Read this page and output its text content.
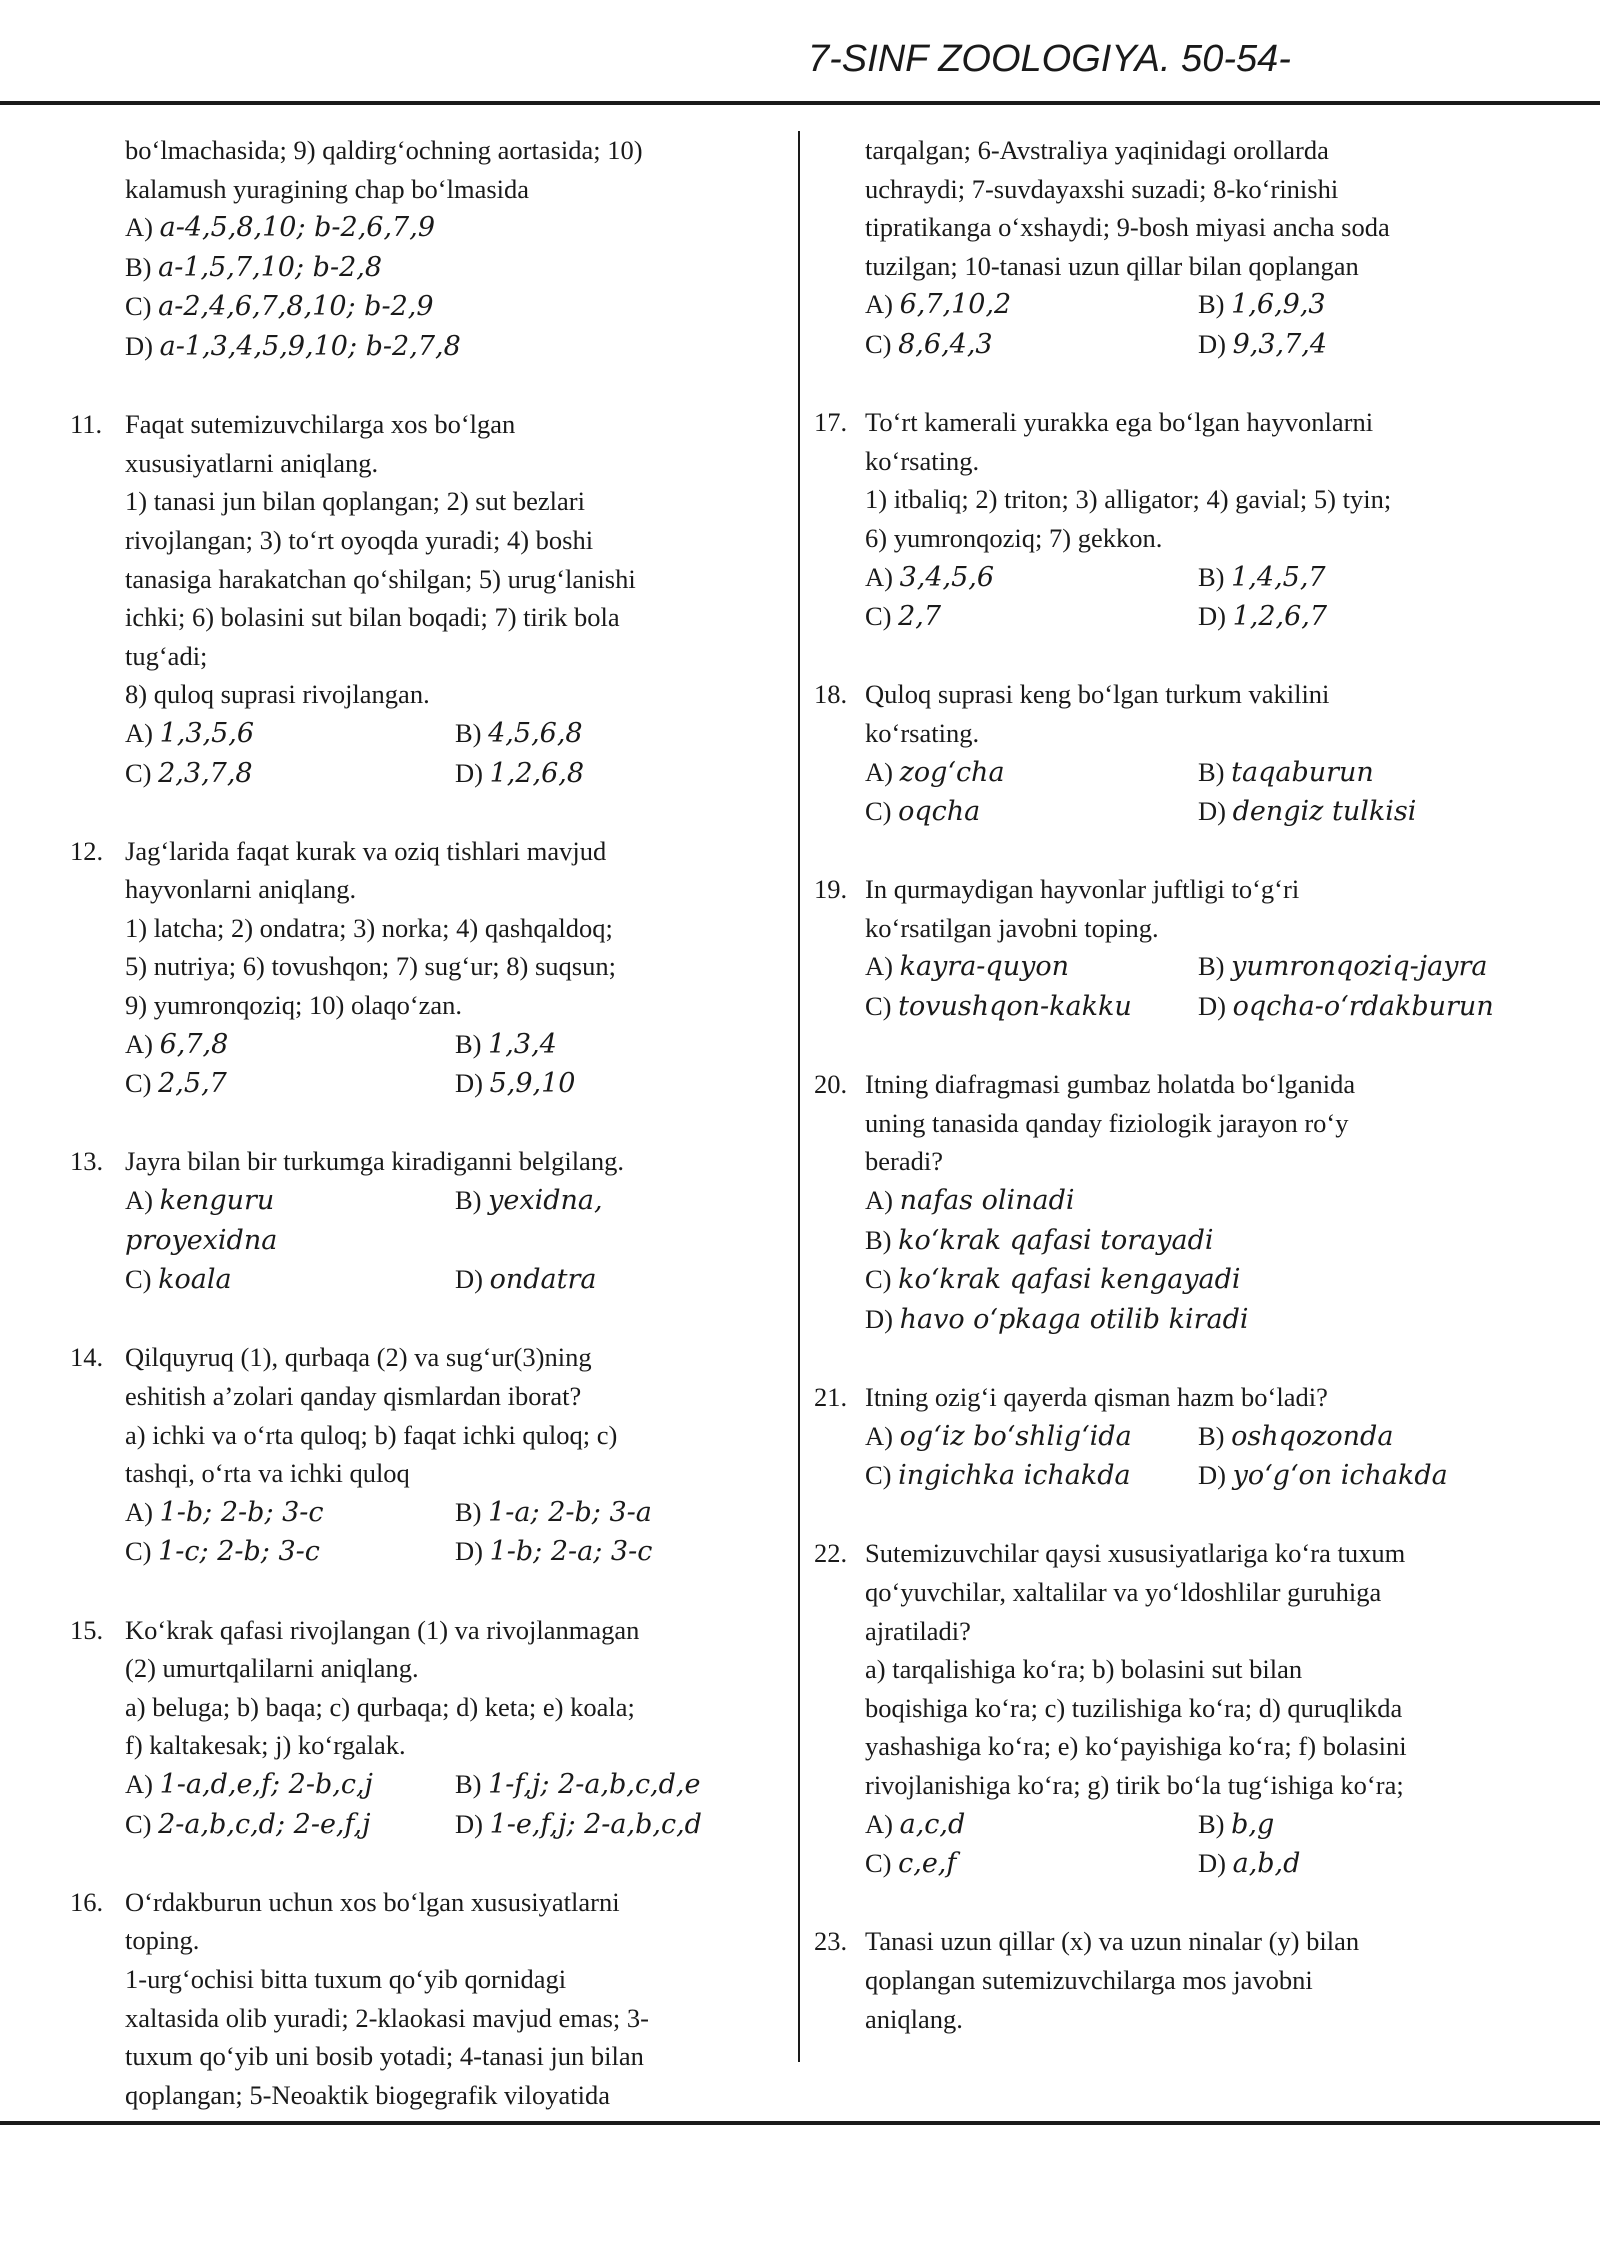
7-SINF ZOOLOGIYA. 50-54-
bo‘lmachasida; 9) qaldirg‘ochning aortasida; 10)
kalamush yuragining chap bo‘lmasida
A) a-4,5,8,10; b-2,6,7,9
B) a-1,5,7,10; b-2,8
C) a-2,4,6,7,8,10; b-2,9
D) a-1,3,4,5,9,10; b-2,7,8
11. Faqat sutemizuvchilarga xos bo‘lgan
xususiyatlarni aniqlang.
1) tanasi jun bilan qoplangan; 2) sut bezlari
rivojlangan; 3) to‘rt oyoqda yuradi; 4) boshi
tanasiga harakatchan qo‘shilgan; 5) urug‘lanishi
ichki; 6) bolasini sut bilan boqadi; 7) tirik bola
tug‘adi;
8) quloq suprasi rivojlangan.
A) 1,3,5,6	B) 4,5,6,8
C) 2,3,7,8	D) 1,2,6,8
12. Jag‘larida faqat kurak va oziq tishlari mavjud
hayvonlarni aniqlang.
1) latcha; 2) ondatra; 3) norka; 4) qashqaldoq;
5) nutriya; 6) tovushqon; 7) sug‘ur; 8) suqsun;
9) yumronqoziq; 10) olaqo‘zan.
A) 6,7,8	B) 1,3,4
C) 2,5,7	D) 5,9,10
13. Jayra bilan bir turkumga kiradiganni belgilang.
A) kenguru	B) yexidna,
proyexidna
C) koala	D) ondatra
14. Qilquyruq (1), qurbaqa (2) va sug‘ur(3)ning
eshitish a’zolari qanday qismlardan iborat?
a) ichki va o‘rta quloq; b) faqat ichki quloq; c)
tashqi, o‘rta va ichki quloq
A) 1-b; 2-b; 3-c	B) 1-a; 2-b; 3-a
C) 1-c; 2-b; 3-c	D) 1-b; 2-a; 3-c
15. Ko‘krak qafasi rivojlangan (1) va rivojlanmagan
(2) umurtqalilarni aniqlang.
a) beluga; b) baqa; c) qurbaqa; d) keta; e) koala;
f) kaltakesak; j) ko‘rgalak.
A) 1-a,d,e,f; 2-b,c,j	B) 1-f,j; 2-a,b,c,d,e
C) 2-a,b,c,d; 2-e,f,j	D) 1-e,f,j; 2-a,b,c,d
16. O‘rdakburun uchun xos bo‘lgan xususiyatlarni
toping.
1-urg‘ochisi bitta tuxum qo‘yib qornidagi
xaltasida olib yuradi; 2-klaokasi mavjud emas; 3-
tuxum qo‘yib uni bosib yotadi; 4-tanasi jun bilan
qoplangan; 5-Neoaktik biogegrafik viloyatida
tarqalgan; 6-Avstraliya yaqinidagi orollarda
uchraydi; 7-suvdayaxshi suzadi; 8-ko‘rinishi
tipratikanga o‘xshaydi; 9-bosh miyasi ancha soda
tuzilgan; 10-tanasi uzun qillar bilan qoplangan
A) 6,7,10,2	B) 1,6,9,3
C) 8,6,4,3	D) 9,3,7,4
17. To‘rt kamerali yurakka ega bo‘lgan hayvonlarni
ko‘rsating.
1) itbaliq; 2) triton; 3) alligator; 4) gavial; 5) tyin;
6) yumronqoziq; 7) gekkon.
A) 3,4,5,6	B) 1,4,5,7
C) 2,7	D) 1,2,6,7
18. Quloq suprasi keng bo‘lgan turkum vakilini
ko‘rsating.
A) zog‘cha	B) taqaburun
C) oqcha	D) dengiz tulkisi
19. In qurmaydigan hayvonlar juftligi to‘g‘ri
ko‘rsatilgan javobni toping.
A) kayra-quyon	B) yumronqoziq-jayra
C) tovushqon-kakku	D) oqcha-o‘rdakburun
20. Itning diafragmasi gumbaz holatda bo‘lganida
uning tanasida qanday fiziologik jarayon ro‘y
beradi?
A) nafas olinadi
B) ko‘krak qafasi torayadi
C) ko‘krak qafasi kengayadi
D) havo o‘pkaga otilib kiradi
21. Itning ozig‘i qayerda qisman hazm bo‘ladi?
A) og‘iz bo‘shlig‘ida	B) oshqozonda
C) ingichka ichakda	D) yo‘g‘on ichakda
22. Sutemizuvchilar qaysi xususiyatlariga ko‘ra tuxum
qo‘yuvchilar, xaltalilar va yo‘ldoshlilar guruhiga
ajratiladi?
a) tarqalishiga ko‘ra; b) bolasini sut bilan
boqishiga ko‘ra; c) tuzilishiga ko‘ra; d) quruqlikda
yashashiga ko‘ra; e) ko‘payishiga ko‘ra; f) bolasini
rivojlanishiga ko‘ra; g) tirik bo‘la tug‘ishiga ko‘ra;
A) a,c,d	B) b,g
C) c,e,f	D) a,b,d
23. Tanasi uzun qillar (x) va uzun ninalar (y) bilan
qoplangan sutemizuvchilarga mos javobni
aniqlang.
